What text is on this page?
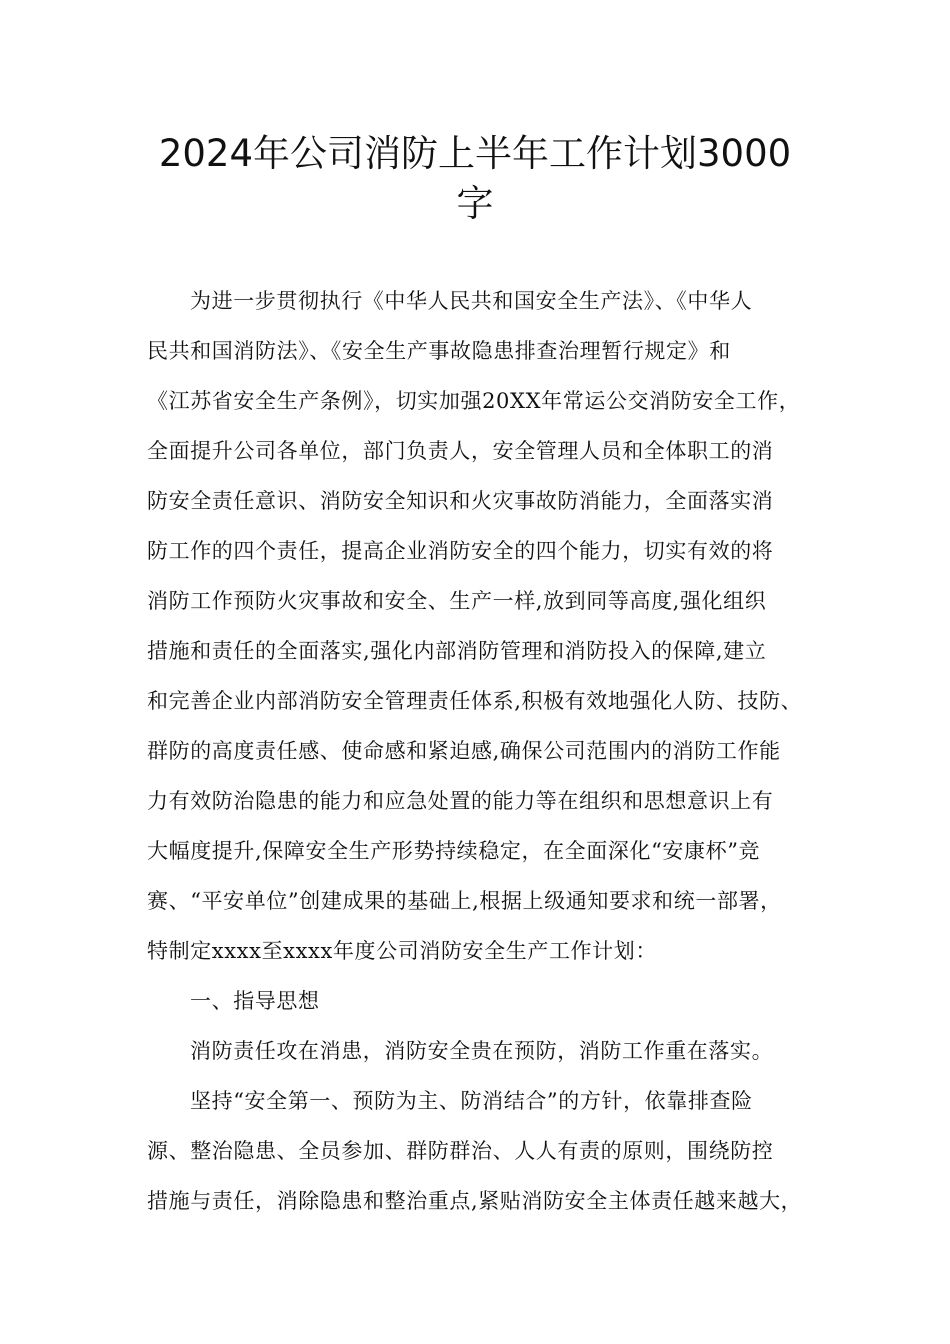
2024年公司消防上半年工作计划3000
字
为进一步贯彻执行《中华人民共和国安全生产法》、《中华人
民共和国消防法》、《安全生产事故隐患排查治理暂行规定》和
《江苏省安全生产条例》，切实加强20XX年常运公交消防安全工作，
全面提升公司各单位，部门负责人，安全管理人员和全体职工的消
防安全责任意识、消防安全知识和火灾事故防消能力，全面落实消
防工作的四个责任，提高企业消防安全的四个能力，切实有效的将
消防工作预防火灾事故和安全、生产一样,放到同等高度,强化组织
措施和责任的全面落实,强化内部消防管理和消防投入的保障,建立
和完善企业内部消防安全管理责任体系,积极有效地强化人防、技防、
群防的高度责任感、使命感和紧迫感,确保公司范围内的消防工作能
力有效防治隐患的能力和应急处置的能力等在组织和思想意识上有
大幅度提升,保障安全生产形势持续稳定，在全面深化“安康杯”竞
赛、“平安单位”创建成果的基础上,根据上级通知要求和统一部署，
特制定xxxx至xxxx年度公司消防安全生产工作计划：
一、指导思想
消防责任攻在消患，消防安全贵在预防，消防工作重在落实。
坚持“安全第一、预防为主、防消结合”的方针，依靠排查险
源、整治隐患、全员参加、群防群治、人人有责的原则，围绕防控
措施与责任，消除隐患和整治重点,紧贴消防安全主体责任越来越大，
